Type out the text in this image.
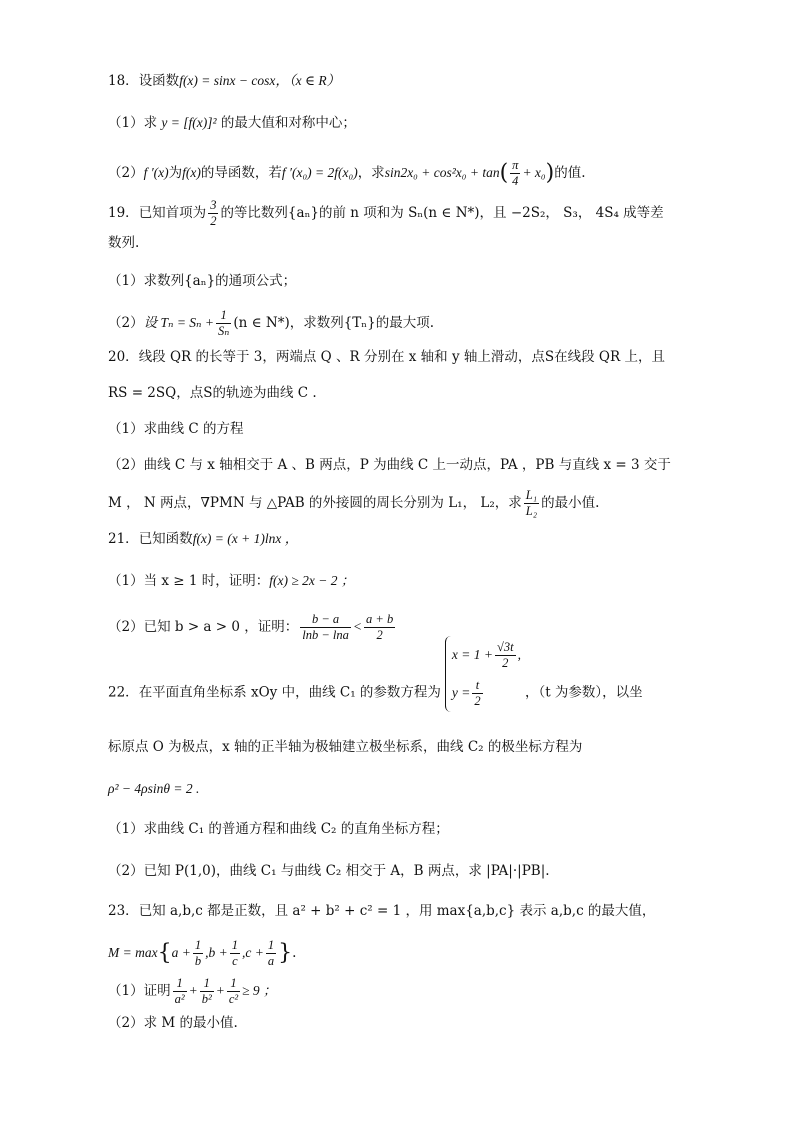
18．设函数f(x) = sinx − cosx，（x ∈ R）
（1）求 y = [f(x)]² 的最大值和对称中心；
（2）f ′(x)为f(x)的导函数，若f ′(x₀) = 2f(x₀)，求$\sin 2x_0 + \cos^2x_0 + \tan( \frac{\pi}{4} + x_0)$的值.
19．已知首项为 $\frac{3}{2}$ 的等比数列{aₙ}的前 n 项和为 Sₙ(n ∈ N*)，且 −2S₂， S₃， 4S₄ 成等差
数列.
（1）求数列{aₙ}的通项公式；
（2）设 $T_n = S_n + \frac{1}{\text{Sₙ}} (n$ ∈ N*)，求数列{Tₙ}的最大项.
20．线段 QR 的长等于 3，两端点 Q 、R 分别在 x 轴和 y 轴上滑动，点S在线段 QR 上，且
RS = 2SQ，点S的轨迹为曲线 C .
（1）求曲线 C 的方程
（2）曲线 C 与 x 轴相交于 A 、B 两点，P 为曲线 C 上一动点，PA ，PB 与直线 x = 3 交于
M ， N 两点，∇PMN 与 △PAB 的外接圆的周长分别为 L₁， L₂，求 $\frac{\text{L₁}}{\text{L₂}}$ 的最小值.
21．已知函数f(x) = (x + 1)lnx ，
（1）当 x ≥ 1 时，证明：f(x) ≥ 2x − 2 ；
（2）已知 b > a > 0 ，证明： $\frac{b - a}{\ln b - \ln a} < \frac{a + b}{2}$
22．在平面直角坐标系 xOy 中，曲线 C₁ 的参数方程为
$x = 1 + \frac{√3t}{2}$ ,
$y = \frac{t}{2}$	，（t 为参数），以坐
标原点 O 为极点，x 轴的正半轴为极轴建立极坐标系，曲线 C₂ 的极坐标方程为
ρ² − 4ρsinθ = 2 .
（1）求曲线 C₁ 的普通方程和曲线 C₂ 的直角坐标方程；
（2）已知 P(1,0)，曲线 C₁ 与曲线 C₂ 相交于 A，B 两点，求 |PA|·|PB|.
23．已知 a,b,c 都是正数，且 a² + b² + c² = 1 ，用 max{a,b,c} 表示 a,b,c 的最大值，
$M = \max\{a + \frac{1}{b} ,b + \frac{1}{c} ,c + \frac{1}{a}$ }.
（1）证明 $\frac{1}{\text{a²}} + \frac{1}{\text{b²}} + \frac{1}{\text{c²}} \ge 9$ ；
（2）求 M 的最小值.
